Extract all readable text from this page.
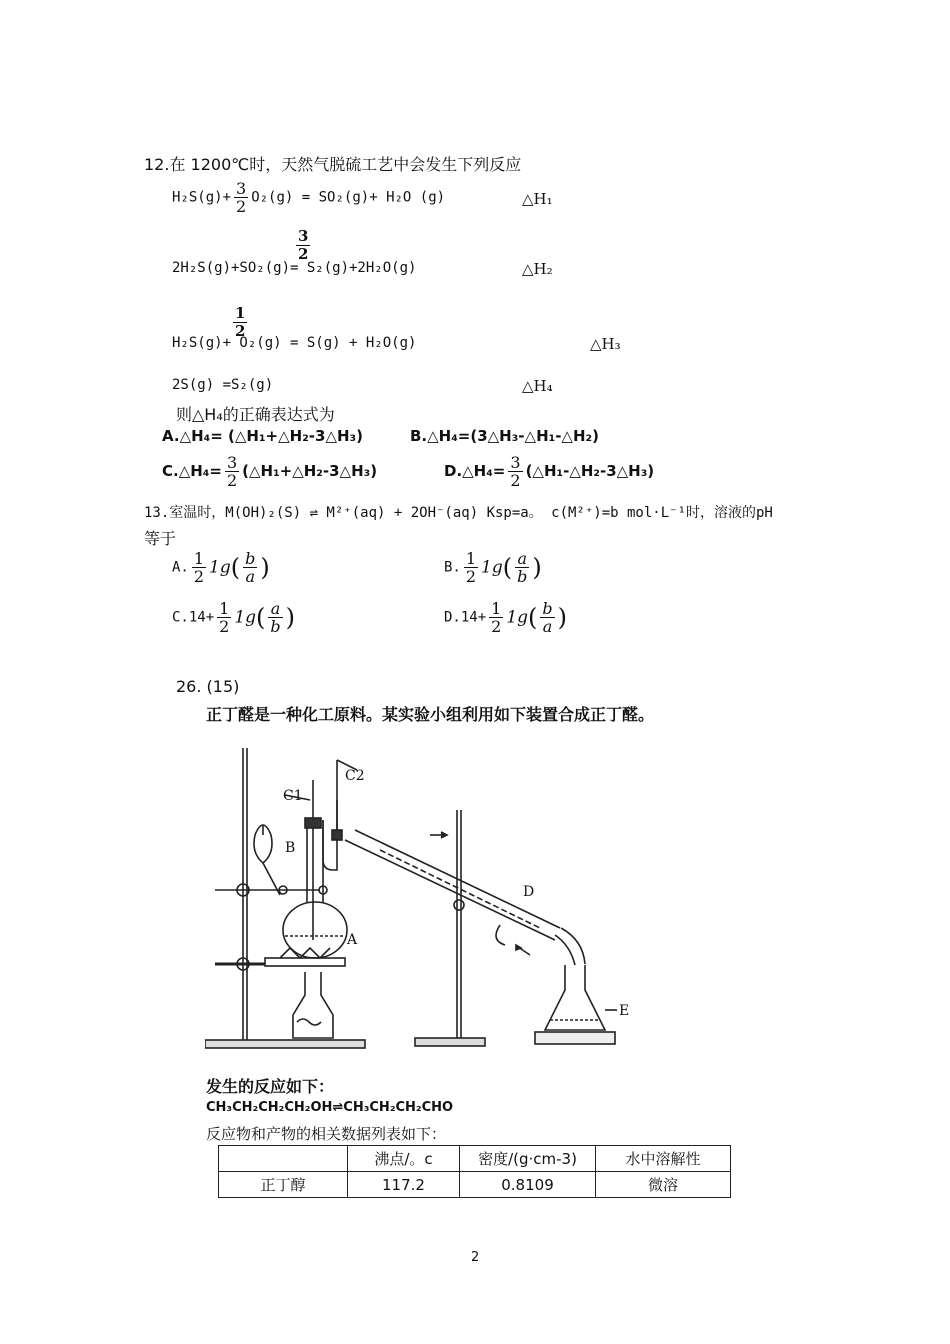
12.在 1200℃时，天然气脱硫工艺中会发生下列反应
$H_2S(g)+ \frac{3}{2} O_2(g) = SO_2(g)+ H_2O$ (g)	△H₁
$\frac{3}{2}$
2H₂S(g)+SO₂(g)= S₂(g)+2H₂O(g)	△H₂
$\frac{1}{2}$
H₂S(g)+ O₂(g) = S(g) + H₂O(g)	△H₃
2S(g) =S₂(g)	△H₄
则△H₄的正确表达式为
A.△H₄= (△H₁+△H₂-3△H₃)	B.△H₄=(3△H₃-△H₁-△H₂)
C.△H₄= $\frac{3}{2}$ (△H₁+△H₂-3△H₃)	D.△H₄= $\frac{3}{2}$ (△H₁-△H₂-3△H₃)
13.室温时，M(OH)₂(S) ⇌ M²⁺(aq) + 2OH⁻(aq) Ksp=a。 c(M²⁺)=b mol·L⁻¹时，溶液的pH
等于
A. $\frac{1}{2} 1g( \frac{b}{a}$ )	B. $\frac{1}{2} 1g( \frac{a}{b}$ )
$C.14+ \frac{1}{2} 1g( \frac{a}{b}$ )	$D.14+ \frac{1}{2} 1g( \frac{b}{a}$ )
26. (15)
正丁醛是一种化工原料。某实验小组利用如下装置合成正丁醛。
C1
C2
B
A
D
E
发生的反应如下：
CH₃CH₂CH₂CH₂OH⇌CH₃CH₂CH₂CHO
反应物和产物的相关数据列表如下：
	沸点/。c	密度/(g·cm-3)	水中溶解性
正丁醇	117.2	0.8109	微溶
2
